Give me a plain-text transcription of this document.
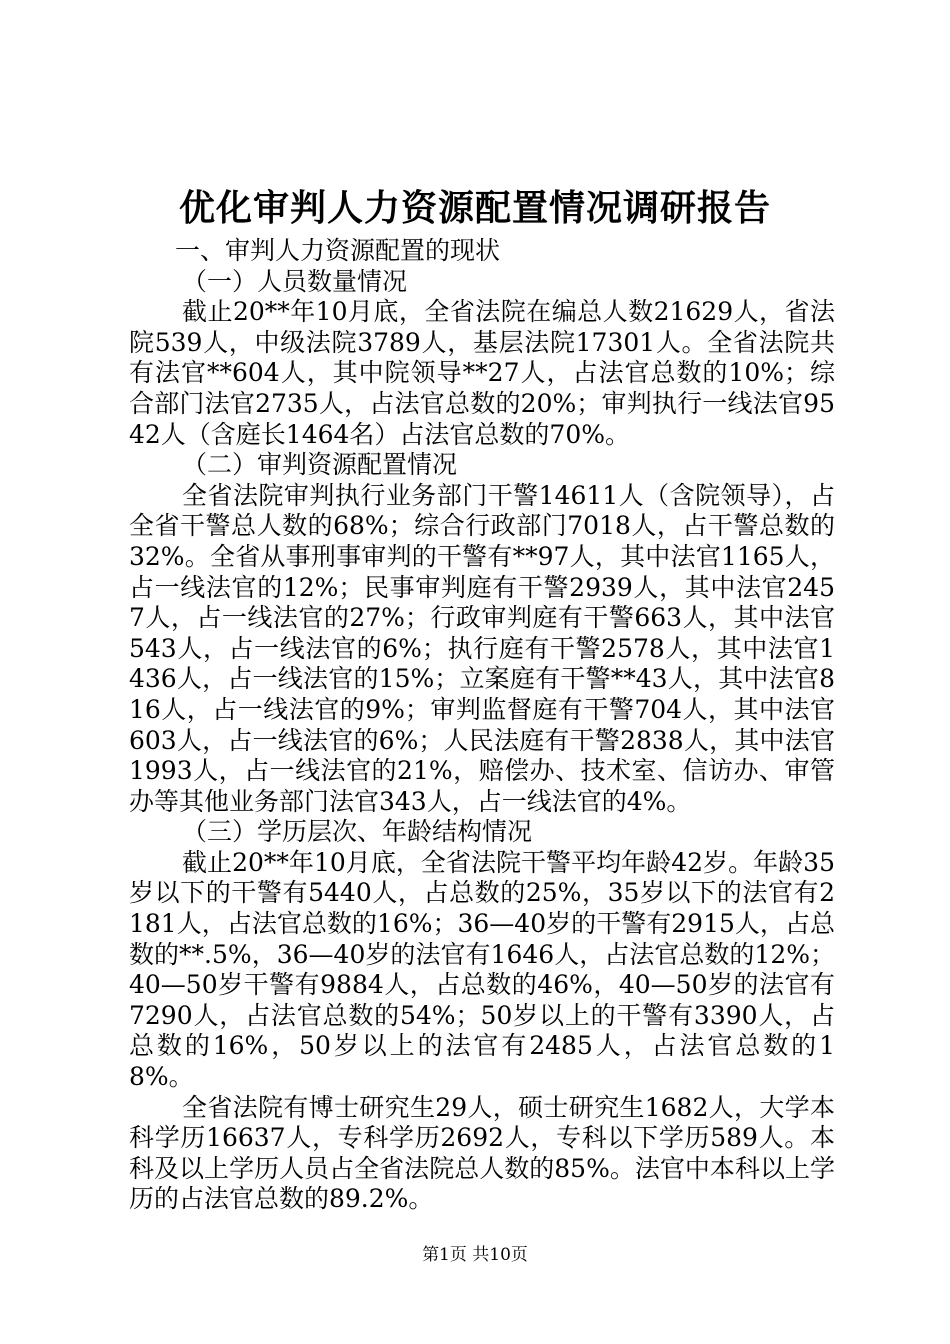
优化审判人力资源配置情况调研报告

一、审判人力资源配置的现状

（一）人员数量情况

截止20**年10月底，全省法院在编总人数21629人，省法院539人，中级法院3789人，基层法院17301人。全省法院共有法官**604人，其中院领导**27人，占法官总数的10%；综合部门法官2735人，占法官总数的20%；审判执行一线法官9542人（含庭长1464名）占法官总数的70%。

（二）审判资源配置情况

全省法院审判执行业务部门干警14611人（含院领导），占全省干警总人数的68%；综合行政部门7018人，占干警总数的32%。全省从事刑事审判的干警有**97人，其中法官1165人，占一线法官的12%；民事审判庭有干警2939人，其中法官2457人，占一线法官的27%；行政审判庭有干警663人，其中法官543人，占一线法官的6%；执行庭有干警2578人，其中法官1436人，占一线法官的15%；立案庭有干警**43人，其中法官816人，占一线法官的9%；审判监督庭有干警704人，其中法官603人，占一线法官的6%；人民法庭有干警2838人，其中法官1993人，占一线法官的21%，赔偿办、技术室、信访办、审管办等其他业务部门法官343人，占一线法官的4%。

（三）学历层次、年龄结构情况

截止20**年10月底，全省法院干警平均年龄42岁。年龄35岁以下的干警有5440人，占总数的25%，35岁以下的法官有2181人，占法官总数的16%；36—40岁的干警有2915人，占总数的**.5%，36—40岁的法官有1646人，占法官总数的12%；40—50岁干警有9884人，占总数的46%，40—50岁的法官有7290人，占法官总数的54%；50岁以上的干警有3390人，占总数的16%，50岁以上的法官有2485人，占法官总数的18%。

全省法院有博士研究生29人，硕士研究生1682人，大学本科学历16637人，专科学历2692人，专科以下学历589人。本科及以上学历人员占全省法院总人数的85%。法官中本科以上学历的占法官总数的89.2%。

第1页 共10页
